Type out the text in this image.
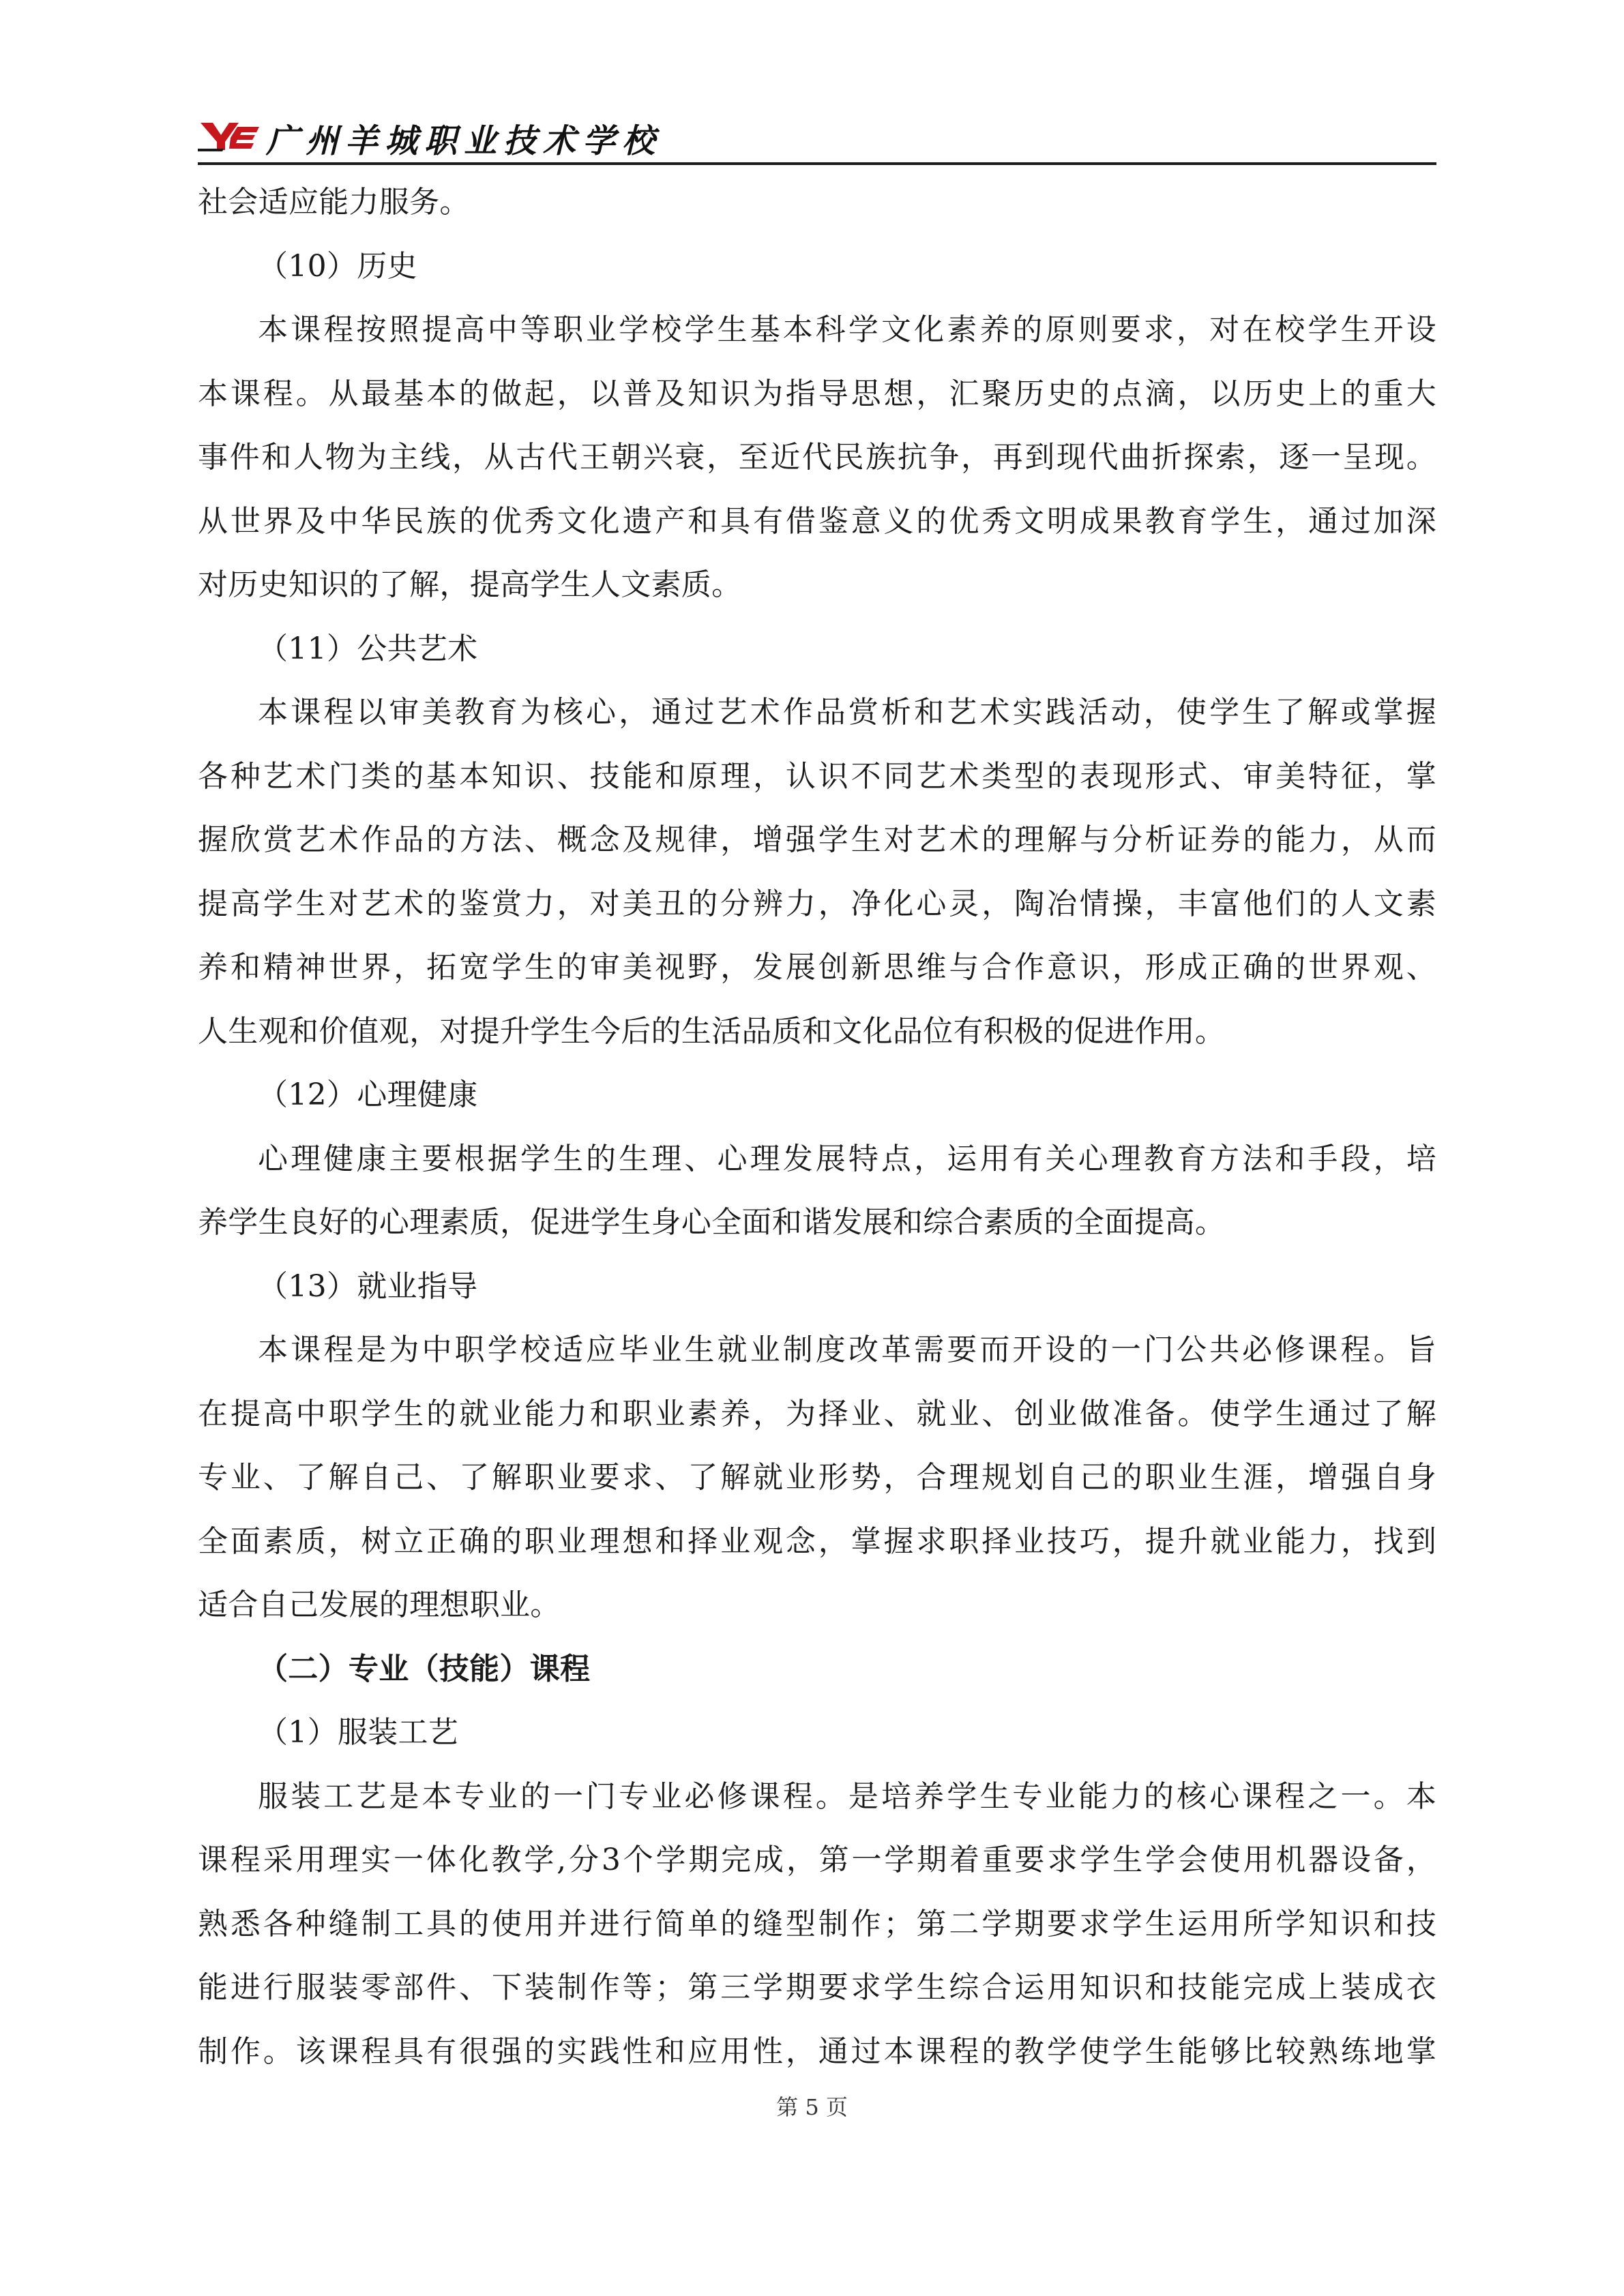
广州羊城职业技术学校
社会适应能力服务。
（10）历史
本课程按照提高中等职业学校学生基本科学文化素养的原则要求，对在校学生开设
本课程。从最基本的做起，以普及知识为指导思想，汇聚历史的点滴，以历史上的重大
事件和人物为主线，从古代王朝兴衰，至近代民族抗争，再到现代曲折探索，逐一呈现。
从世界及中华民族的优秀文化遗产和具有借鉴意义的优秀文明成果教育学生，通过加深
对历史知识的了解，提高学生人文素质。
（11）公共艺术
本课程以审美教育为核心，通过艺术作品赏析和艺术实践活动，使学生了解或掌握
各种艺术门类的基本知识、技能和原理，认识不同艺术类型的表现形式、审美特征，掌
握欣赏艺术作品的方法、概念及规律，增强学生对艺术的理解与分析证券的能力，从而
提高学生对艺术的鉴赏力，对美丑的分辨力，净化心灵，陶冶情操，丰富他们的人文素
养和精神世界，拓宽学生的审美视野，发展创新思维与合作意识，形成正确的世界观、
人生观和价值观，对提升学生今后的生活品质和文化品位有积极的促进作用。
（12）心理健康
心理健康主要根据学生的生理、心理发展特点，运用有关心理教育方法和手段，培
养学生良好的心理素质，促进学生身心全面和谐发展和综合素质的全面提高。
（13）就业指导
本课程是为中职学校适应毕业生就业制度改革需要而开设的一门公共必修课程。旨
在提高中职学生的就业能力和职业素养，为择业、就业、创业做准备。使学生通过了解
专业、了解自己、了解职业要求、了解就业形势，合理规划自己的职业生涯，增强自身
全面素质，树立正确的职业理想和择业观念，掌握求职择业技巧，提升就业能力，找到
适合自己发展的理想职业。
（二）专业（技能）课程
（1）服装工艺
服装工艺是本专业的一门专业必修课程。是培养学生专业能力的核心课程之一。本
课程采用理实一体化教学,分3个学期完成，第一学期着重要求学生学会使用机器设备，
熟悉各种缝制工具的使用并进行简单的缝型制作；第二学期要求学生运用所学知识和技
能进行服装零部件、下装制作等；第三学期要求学生综合运用知识和技能完成上装成衣
制作。该课程具有很强的实践性和应用性，通过本课程的教学使学生能够比较熟练地掌
第 5 页
